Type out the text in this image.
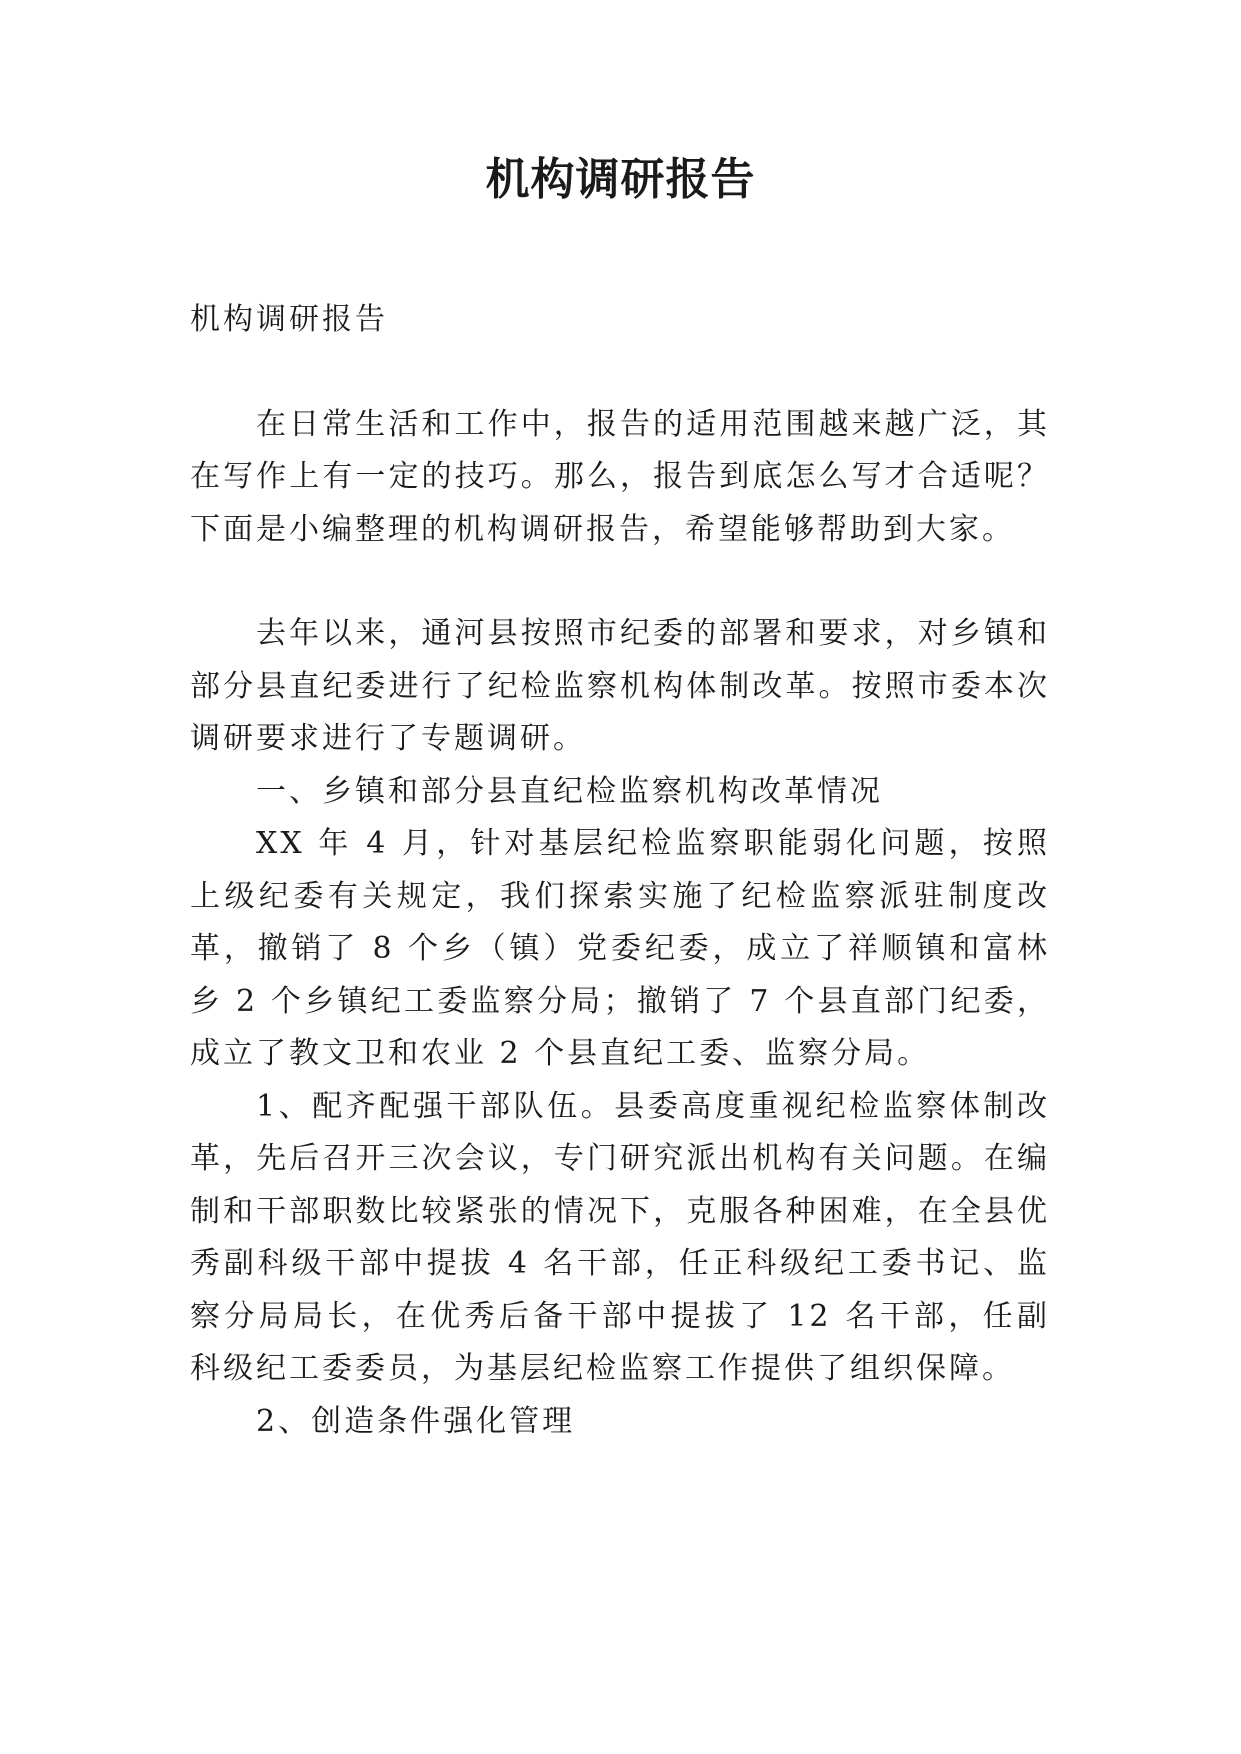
机构调研报告

机构调研报告

在日常生活和工作中，报告的适用范围越来越广泛，其在写作上有一定的技巧。那么，报告到底怎么写才合适呢？下面是小编整理的机构调研报告，希望能够帮助到大家。

去年以来，通河县按照市纪委的部署和要求，对乡镇和部分县直纪委进行了纪检监察机构体制改革。按照市委本次调研要求进行了专题调研。

一、乡镇和部分县直纪检监察机构改革情况

XX 年 4 月，针对基层纪检监察职能弱化问题，按照上级纪委有关规定，我们探索实施了纪检监察派驻制度改革，撤销了 8 个乡（镇）党委纪委，成立了祥顺镇和富林乡 2 个乡镇纪工委监察分局；撤销了 7 个县直部门纪委，成立了教文卫和农业 2 个县直纪工委、监察分局。

1、配齐配强干部队伍。县委高度重视纪检监察体制改革，先后召开三次会议，专门研究派出机构有关问题。在编制和干部职数比较紧张的情况下，克服各种困难，在全县优秀副科级干部中提拔 4 名干部，任正科级纪工委书记、监察分局局长，在优秀后备干部中提拔了 12 名干部，任副科级纪工委委员，为基层纪检监察工作提供了组织保障。

2、创造条件强化管理
